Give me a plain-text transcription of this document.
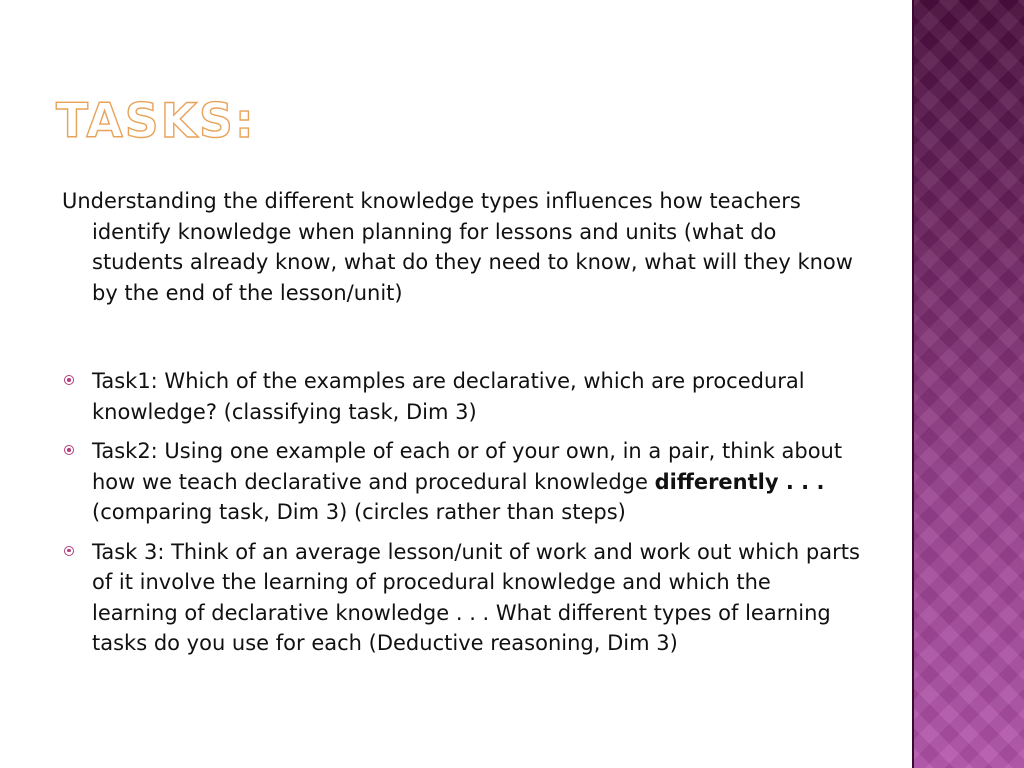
TASKS:

Understanding the different knowledge types influences how teachers identify knowledge when planning for lessons and units (what do students already know, what do they need to know, what will they know by the end of the lesson/unit)

Task1: Which of the examples are declarative, which are procedural knowledge? (classifying task, Dim 3)
Task2: Using one example of each or of your own, in a pair, think about how we teach declarative and procedural knowledge differently . . . (comparing task, Dim 3) (circles rather than steps)
Task 3: Think of an average lesson/unit of work and work out which parts of it involve the learning of procedural knowledge and which the learning of declarative knowledge . . . What different types of learning tasks do you use for each (Deductive reasoning, Dim 3)
